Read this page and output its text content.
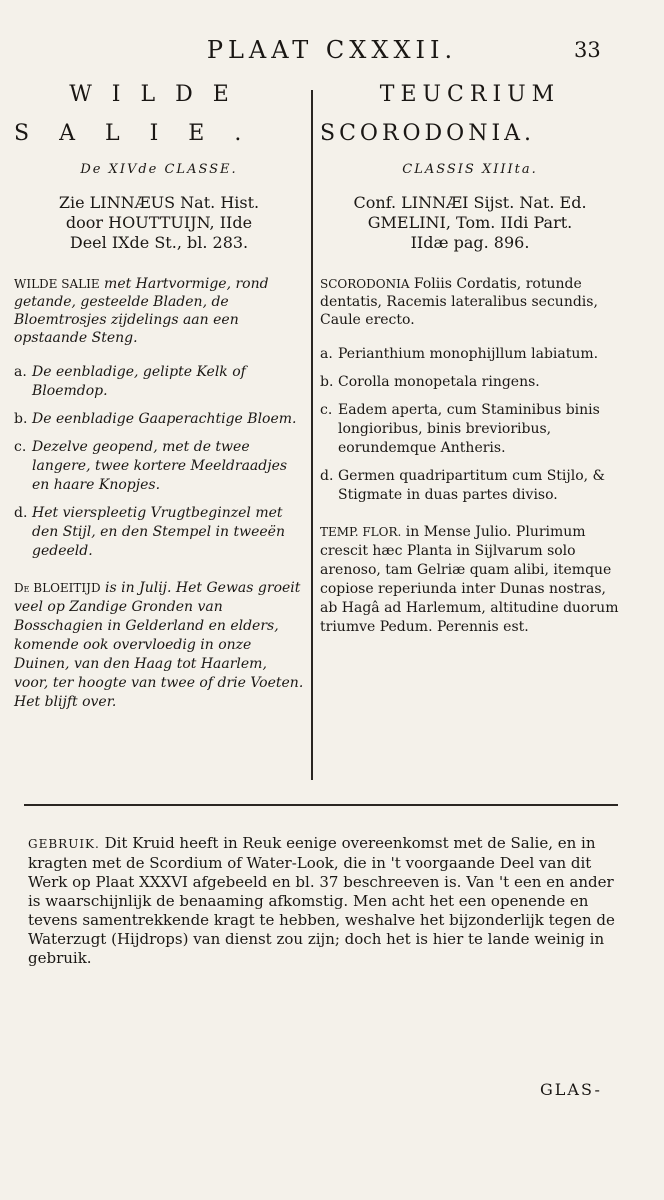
PLAAT CXXXII.	33

WILDE

SALIE.

De XIVde CLASSE.
Zie LINNÆUS Nat. Hist.
door HOUTTUIJN, IIde
Deel IXde St., bl. 283.
WILDE SALIE met Hartvormige, rond getande, gesteelde Bladen, de Bloemtrosjes zijdelings aan een opstaande Steng.
a. De eenbladige, gelipte Kelk of Bloemdop.
b. De eenbladige Gaaperachtige Bloem.
c. Dezelve geopend, met de twee langere, twee kortere Meeldraadjes en haare Knopjes.
d. Het vierspleetig Vrugtbeginzel met den Stijl, en den Stempel in tweeën gedeeld.
De BLOEITIJD is in Julij. Het Gewas groeit veel op Zandige Gronden van Bosschagien in Gelderland en elders, komende ook overvloedig in onze Duinen, van den Haag tot Haarlem, voor, ter hoogte van twee of drie Voeten. Het blijft over.

TEUCRIUM

SCORODONIA.

CLASSIS XIIIta.
Conf. LINNÆI Sijst. Nat. Ed.
GMELINI, Tom. IIdi Part.
IIdæ pag. 896.
SCORODONIA Foliis Cordatis, rotunde dentatis, Racemis lateralibus secundis, Caule erecto.
a. Perianthium monophijllum labiatum.
b. Corolla monopetala ringens.
c. Eadem aperta, cum Staminibus binis longioribus, binis brevioribus, eorundemque Antheris.
d. Germen quadripartitum cum Stijlo, & Stigmate in duas partes diviso.
TEMP. FLOR. in Mense Julio. Plurimum crescit hæc Planta in Sijlvarum solo arenoso, tam Gelriæ quam alibi, itemque copiose reperiunda inter Dunas nostras, ab Hagâ ad Harlemum, altitudine duorum triumve Pedum. Perennis est.
GEBRUIK. Dit Kruid heeft in Reuk eenige overeenkomst met de Salie, en in kragten met de Scordium of Water-Look, die in 't voorgaande Deel van dit Werk op Plaat XXXVI afgebeeld en bl. 37 beschreeven is. Van 't een en ander is waarschijnlijk de benaaming afkomstig. Men acht het een openende en tevens samentrekkende kragt te hebben, weshalve het bijzonderlijk tegen de Waterzugt (Hijdrops) van dienst zou zijn; doch het is hier te lande weinig in gebruik.
GLAS-
